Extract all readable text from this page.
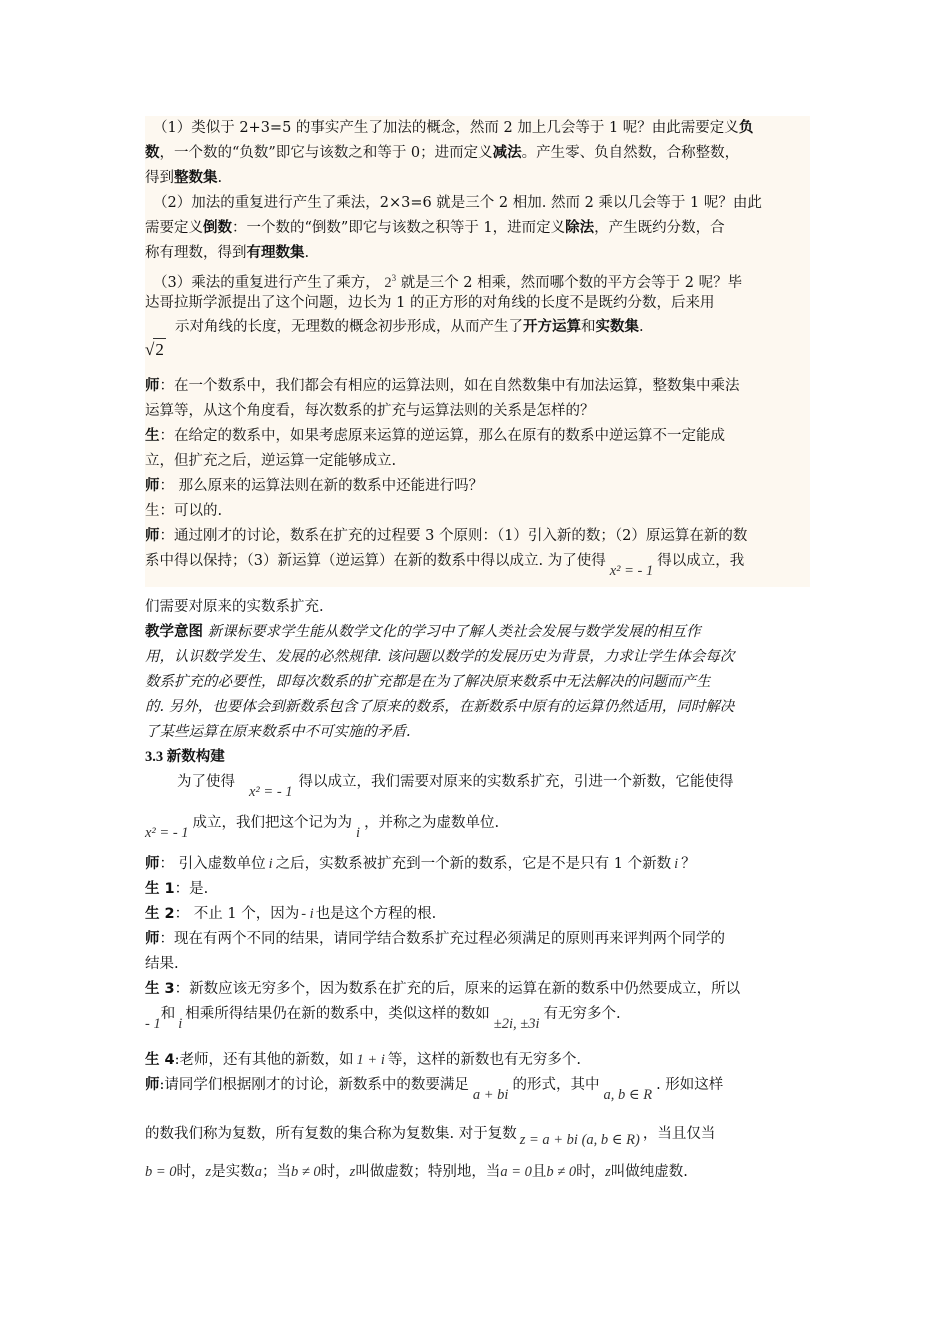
（1）类似于 2+3=5 的事实产生了加法的概念，然而 2 加上几会等于 1 呢？由此需要定义负
数，一个数的“负数”即它与该数之和等于 0；进而定义减法。产生零、负自然数，合称整数，
得到整数集.
（2）加法的重复进行产生了乘法，2×3=6 就是三个 2 相加. 然而 2 乘以几会等于 1 呢？由此
需要定义倒数：一个数的“倒数”即它与该数之积等于 1，进而定义除法，产生既约分数，合
称有理数，得到有理数集.
（3）乘法的重复进行产生了乘方， $2^3$ 就是三个 2 相乘，然而哪个数的平方会等于 2 呢？毕
达哥拉斯学派提出了这个问题，边长为 1 的正方形的对角线的长度不是既约分数，后来用
示对角线的长度，无理数的概念初步形成，从而产生了开方运算和实数集.
√2
师：在一个数系中，我们都会有相应的运算法则，如在自然数集中有加法运算，整数集中乘法
运算等，从这个角度看，每次数系的扩充与运算法则的关系是怎样的？
生：在给定的数系中，如果考虑原来运算的逆运算，那么在原有的数系中逆运算不一定能成
立，但扩充之后，逆运算一定能够成立.
师： 那么原来的运算法则在新的数系中还能进行吗？
生：可以的.
师：通过刚才的讨论，数系在扩充的过程要 3 个原则：（1）引入新的数；（2）原运算在新的数
系中得以保持；（3）新运算（逆运算）在新的数系中得以成立. 为了使得x² = - 1得以成立，我
们需要对原来的实数系扩充.
教学意图 新课标要求学生能从数学文化的学习中了解人类社会发展与数学发展的相互作
用，认识数学发生、发展的必然规律. 该问题以数学的发展历史为背景，力求让学生体会每次
数系扩充的必要性，即每次数系的扩充都是在为了解决原来数系中无法解决的问题而产生
的. 另外，也要体会到新数系包含了原来的数系，在新数系中原有的运算仍然适用，同时解决
了某些运算在原来数系中不可实施的矛盾.
3.3 新数构建
为了使得x² = - 1得以成立，我们需要对原来的实数系扩充，引进一个新数，它能使得
x² = - 1成立，我们把这个记为为i，并称之为虚数单位.
师： 引入虚数单位 i 之后，实数系被扩充到一个新的数系，它是不是只有 1 个新数 i ？
生 1：是.
生 2： 不止 1 个，因为 - i 也是这个方程的根.
师：现在有两个不同的结果，请同学结合数系扩充过程必须满足的原则再来评判两个同学的
结果.
生 3：新数应该无穷多个，因为数系在扩充的后，原来的运算在新的数系中仍然要成立，所以
- 1和i相乘所得结果仍在新的数系中，类似这样的数如±2i, ±3i有无穷多个.
生 4:老师，还有其他的新数，如 1 + i 等，这样的新数也有无穷多个.
师:请同学们根据刚才的讨论，新数系中的数要满足a + bi的形式，其中a, b ∈ R. 形如这样
的数我们称为复数，所有复数的集合称为复数集. 对于复数 z = a + bi (a, b ∈ R) ，当且仅当
b = 0时，z是实数a；当b ≠ 0时，z叫做虚数；特别地，当a = 0且b ≠ 0时，z叫做纯虚数.
